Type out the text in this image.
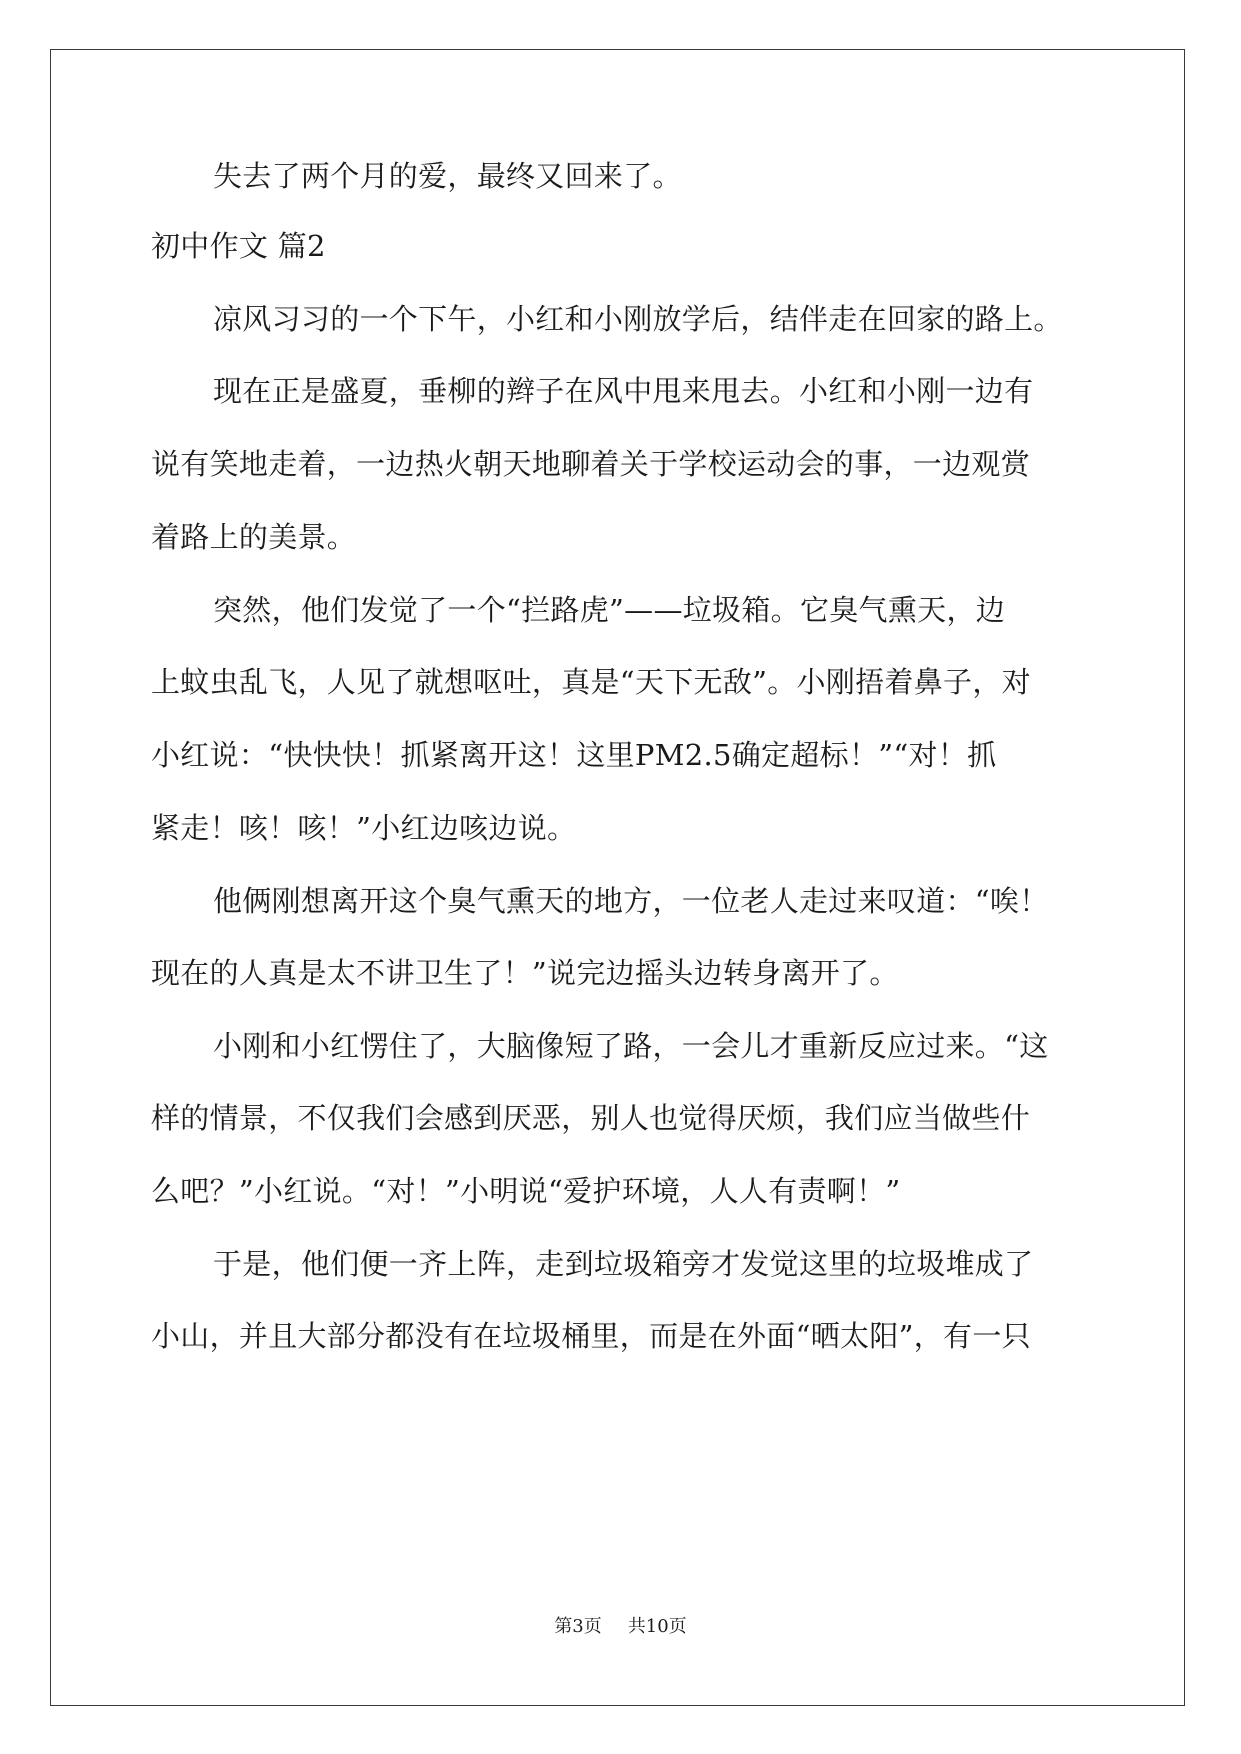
失去了两个月的爱，最终又回来了。
初中作文 篇2
凉风习习的一个下午，小红和小刚放学后，结伴走在回家的路上。
现在正是盛夏，垂柳的辫子在风中甩来甩去。小红和小刚一边有
说有笑地走着，一边热火朝天地聊着关于学校运动会的事，一边观赏
着路上的美景。
突然，他们发觉了一个“拦路虎”——垃圾箱。它臭气熏天，边
上蚊虫乱飞，人见了就想呕吐，真是“天下无敌”。小刚捂着鼻子，对
小红说：“快快快！抓紧离开这！这里PM2.5确定超标！”“对！抓
紧走！咳！咳！”小红边咳边说。
他俩刚想离开这个臭气熏天的地方，一位老人走过来叹道：“唉！
现在的人真是太不讲卫生了！”说完边摇头边转身离开了。
小刚和小红愣住了，大脑像短了路，一会儿才重新反应过来。“这
样的情景，不仅我们会感到厌恶，别人也觉得厌烦，我们应当做些什
么吧？”小红说。“对！”小明说“爱护环境，人人有责啊！”
于是，他们便一齐上阵，走到垃圾箱旁才发觉这里的垃圾堆成了
小山，并且大部分都没有在垃圾桶里，而是在外面“晒太阳”，有一只
第3页 共10页
